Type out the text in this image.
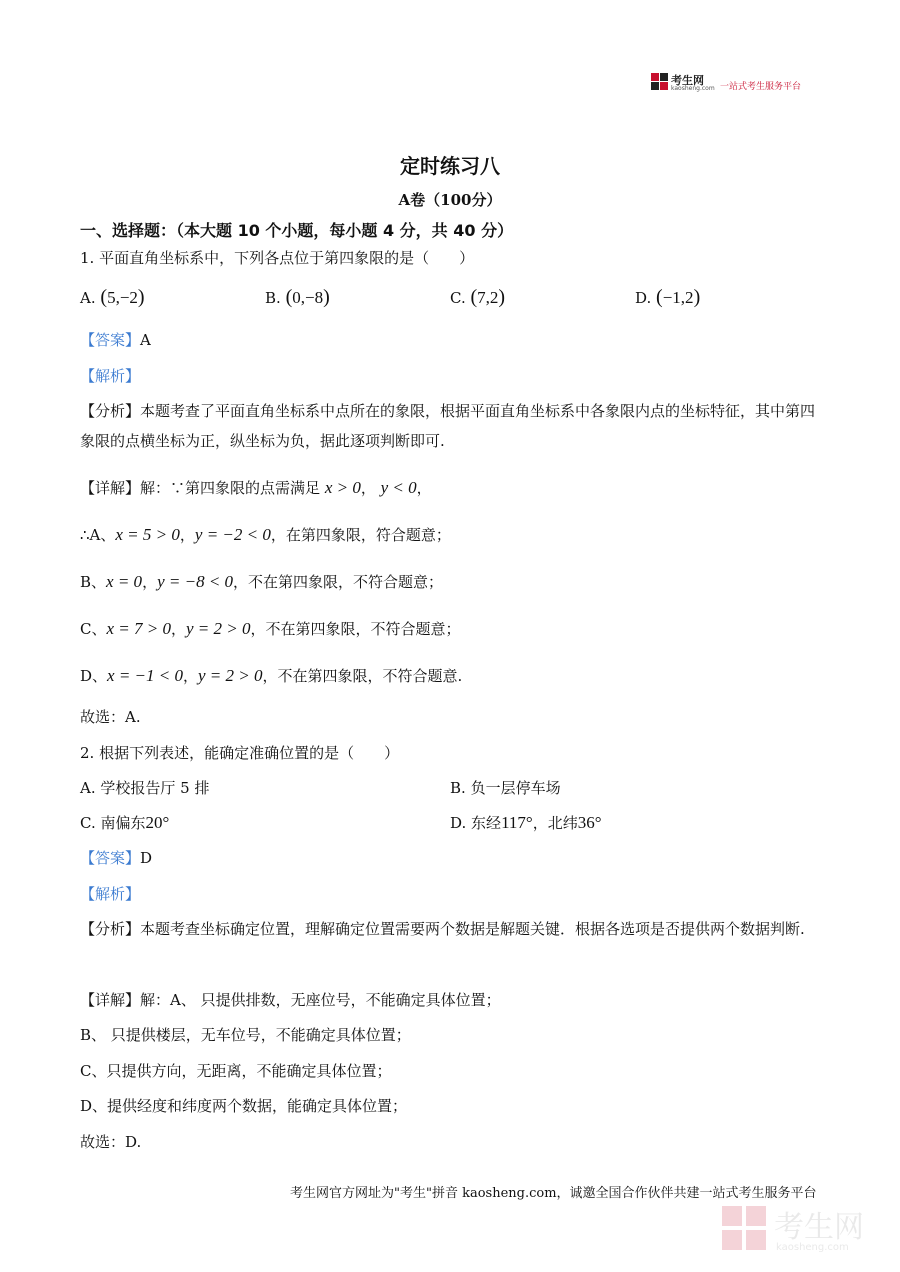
考生网
kaosheng.com 一站式考生服务平台
定时练习八
A卷（100分）
一、选择题：（本大题 10 个小题，每小题 4 分，共 40 分）
1. 平面直角坐标系中，下列各点位于第四象限的是（　　）
A. (5,−2)	B. (0,−8)	C. (7,2)	D. (−1,2)
【答案】A
【解析】
【分析】本题考查了平面直角坐标系中点所在的象限，根据平面直角坐标系中各象限内点的坐标特征，其中第四象限的点横坐标为正，纵坐标为负，据此逐项判断即可.
【详解】解：∵第四象限的点需满足 x > 0， y < 0，
∴A、x = 5 > 0，y = −2 < 0，在第四象限，符合题意；
B、x = 0，y = −8 < 0，不在第四象限，不符合题意；
C、x = 7 > 0，y = 2 > 0，不在第四象限，不符合题意；
D、x = −1 < 0，y = 2 > 0，不在第四象限，不符合题意.
故选：A.
2. 根据下列表述，能确定准确位置的是（　　）
A. 学校报告厅 5 排	B. 负一层停车场
C. 南偏东20°	D. 东经117°，北纬36°
【答案】D
【解析】
【分析】本题考查坐标确定位置，理解确定位置需要两个数据是解题关键．根据各选项是否提供两个数据判断.
【详解】解：A、 只提供排数，无座位号，不能确定具体位置；
B、 只提供楼层，无车位号，不能确定具体位置；
C、只提供方向，无距离，不能确定具体位置；
D、提供经度和纬度两个数据，能确定具体位置；
故选：D.
考生网官方网址为"考生"拼音 kaosheng.com，诚邀全国合作伙伴共建一站式考生服务平台
考生网
kaosheng.com
